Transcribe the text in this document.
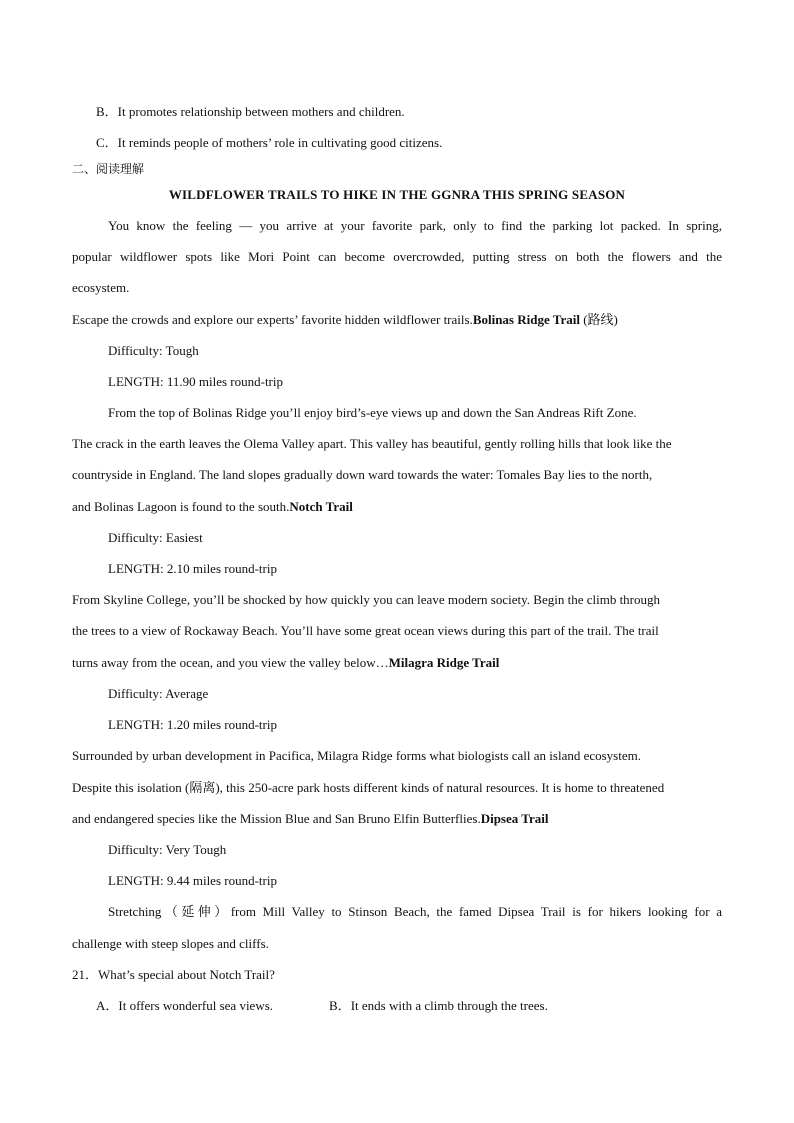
B．It promotes relationship between mothers and children.
C．It reminds people of mothers’ role in cultivating good citizens.
二、阅读理解
WILDFLOWER TRAILS TO HIKE IN THE GGNRA THIS SPRING SEASON
You know the feeling — you arrive at your favorite park, only to find the parking lot packed. In spring,
popular wildflower spots like Mori Point can become overcrowded, putting stress on both the flowers and the
ecosystem.
Escape the crowds and explore our experts’ favorite hidden wildflower trails.Bolinas Ridge Trail (路线)
Difficulty: Tough
LENGTH: 11.90 miles round-trip
From the top of Bolinas Ridge you’ll enjoy bird’s-eye views up and down the San Andreas Rift Zone.
The crack in the earth leaves the Olema Valley apart. This valley has beautiful, gently rolling hills that look like the
countryside in England. The land slopes gradually down ward towards the water: Tomales Bay lies to the north,
and Bolinas Lagoon is found to the south.Notch Trail
Difficulty: Easiest
LENGTH: 2.10 miles round-trip
From Skyline College, you’ll be shocked by how quickly you can leave modern society. Begin the climb through
the trees to a view of Rockaway Beach. You’ll have some great ocean views during this part of the trail. The trail
turns away from the ocean, and you view the valley below…Milagra Ridge Trail
Difficulty: Average
LENGTH: 1.20 miles round-trip
Surrounded by urban development in Pacifica, Milagra Ridge forms what biologists call an island ecosystem.
Despite this isolation (隔离), this 250-acre park hosts different kinds of natural resources. It is home to threatened
and endangered species like the Mission Blue and San Bruno Elfin Butterflies.Dipsea Trail
Difficulty: Very Tough
LENGTH: 9.44 miles round-trip
Stretching（延伸）from Mill Valley to Stinson Beach, the famed Dipsea Trail is for hikers looking for a
challenge with steep slopes and cliffs.
21．What’s special about Notch Trail?
A．It offers wonderful sea views.	B．It ends with a climb through the trees.
